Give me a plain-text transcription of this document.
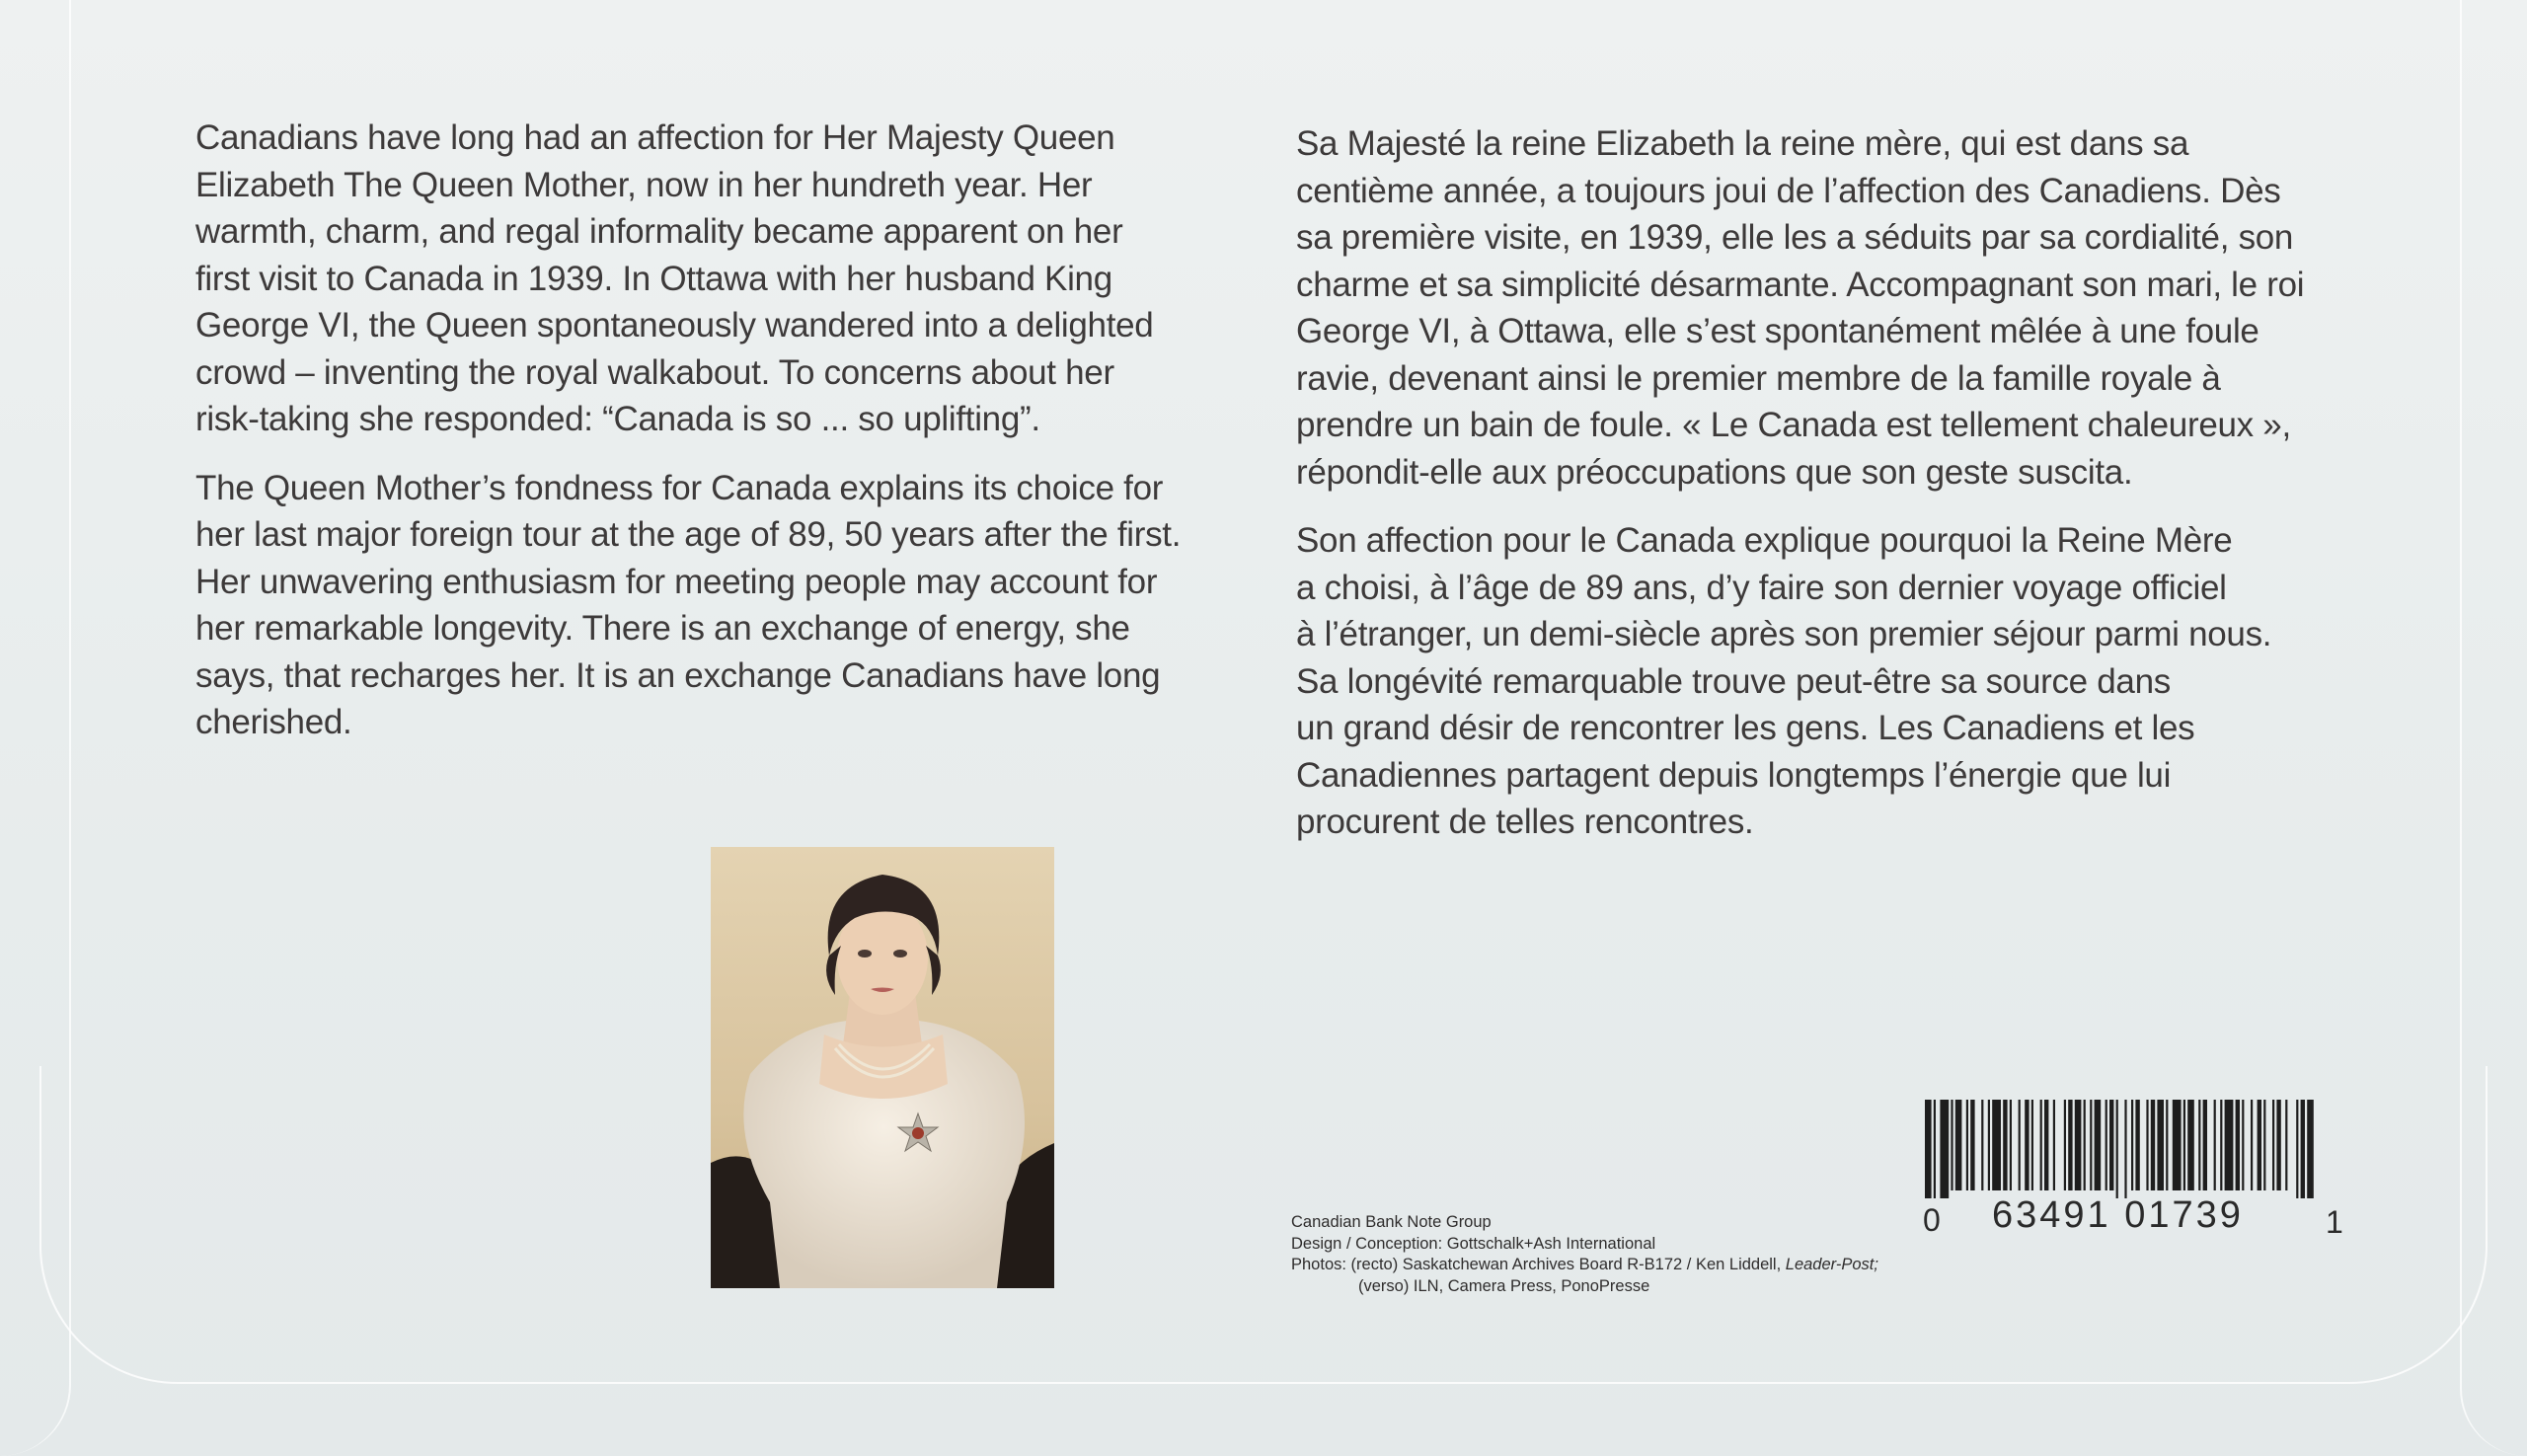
Canadians have long had an affection for Her Majesty Queen
Elizabeth The Queen Mother, now in her hundreth year. Her
warmth, charm, and regal informality became apparent on her
first visit to Canada in 1939. In Ottawa with her husband King
George VI, the Queen spontaneously wandered into a delighted
crowd – inventing the royal walkabout. To concerns about her
risk-taking she responded: “Canada is so ... so uplifting”.

The Queen Mother’s fondness for Canada explains its choice for
her last major foreign tour at the age of 89, 50 years after the first.
Her unwavering enthusiasm for meeting people may account for
her remarkable longevity. There is an exchange of energy, she
says, that recharges her. It is an exchange Canadians have long
cherished.

Sa Majesté la reine Elizabeth la reine mère, qui est dans sa
centième année, a toujours joui de l’affection des Canadiens. Dès
sa première visite, en 1939, elle les a séduits par sa cordialité, son
charme et sa simplicité désarmante. Accompagnant son mari, le roi
George VI, à Ottawa, elle s’est spontanément mêlée à une foule
ravie, devenant ainsi le premier membre de la famille royale à
prendre un bain de foule. « Le Canada est tellement chaleureux »,
répondit-elle aux préoccupations que son geste suscita.

Son affection pour le Canada explique pourquoi la Reine Mère
a choisi, à l’âge de 89 ans, d’y faire son dernier voyage officiel
à l’étranger, un demi-siècle après son premier séjour parmi nous.
Sa longévité remarquable trouve peut-être sa source dans
un grand désir de rencontrer les gens. Les Canadiens et les
Canadiennes partagent depuis longtemps l’énergie que lui
procurent de telles rencontres.

Canadian Bank Note Group
Design / Conception: Gottschalk+Ash International
Photos: (recto) Saskatchewan Archives Board R-B172 / Ken Liddell, Leader-Post;
(verso) ILN, Camera Press, PonoPresse
0 63491 01739	1
